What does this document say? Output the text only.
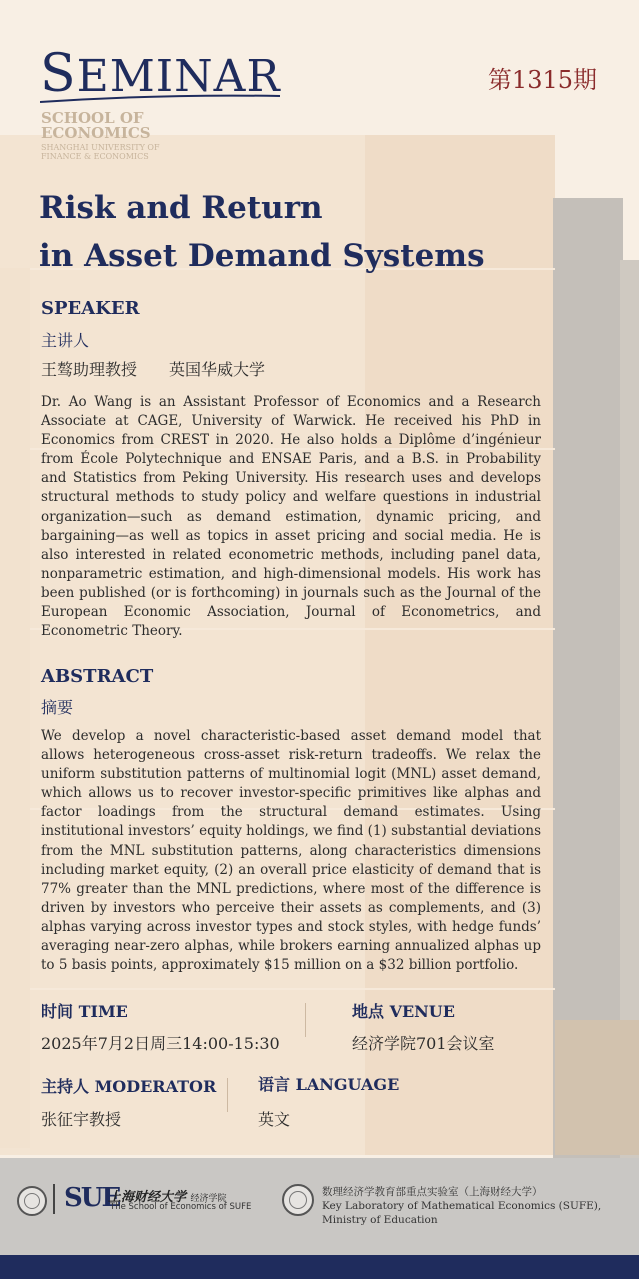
SEMINAR
SCHOOL OF
ECONOMICS
SHANGHAI UNIVERSITY OF
FINANCE & ECONOMICS
第1315期
Risk and Return
in Asset Demand Systems
SPEAKER
主讲人
王骜助理教授 英国华威大学

Dr. Ao Wang is an Assistant Professor of Economics and a Research Associate at CAGE, University of Warwick. He received his PhD in Economics from CREST in 2020. He also holds a Diplôme d’ingénieur from École Polytechnique and ENSAE Paris, and a B.S. in Probability and Statistics from Peking University. His research uses and develops structural methods to study policy and welfare questions in industrial organization—such as demand estimation, dynamic pricing, and bargaining—as well as topics in asset pricing and social media. He is also interested in related econometric methods, including panel data, nonparametric estimation, and high-dimensional models. His work has been published (or is forthcoming) in journals such as the Journal of the European Economic Association, Journal of Econometrics, and Econometric Theory.

ABSTRACT
摘要

We develop a novel characteristic-based asset demand model that allows heterogeneous cross-asset risk-return tradeoffs. We relax the uniform substitution patterns of multinomial logit (MNL) asset demand, which allows us to recover investor-specific primitives like alphas and factor loadings from the structural demand estimates. Using institutional investors’ equity holdings, we find (1) substantial deviations from the MNL substitution patterns, along characteristics dimensions including market equity, (2) an overall price elasticity of demand that is 77% greater than the MNL predictions, where most of the difference is driven by investors who perceive their assets as complements, and (3) alphas varying across investor types and stock styles, with hedge funds’ averaging near-zero alphas, while brokers earning annualized alphas up to 5 basis points, approximately $15 million on a $32 billion portfolio.

时间 TIME
2025年7月2日周三14:00-15:30
地点 VENUE
经济学院701会议室
主持人 MODERATOR
张征宇教授
语言 LANGUAGE
英文
SUE
上海财经大学 经济学院
The School of Economics of SUFE
数理经济学教育部重点实验室（上海财经大学）
Key Laboratory of Mathematical Economics (SUFE),
Ministry of Education
